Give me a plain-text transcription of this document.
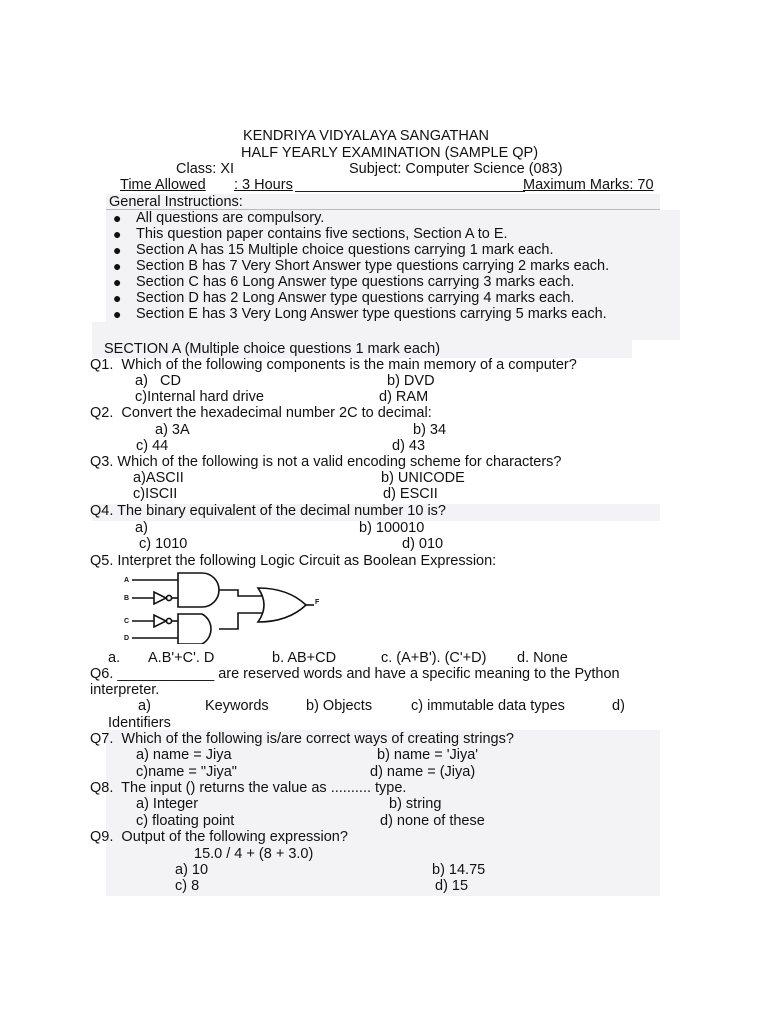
KENDRIYA VIDYALAYA SANGATHAN
HALF YEARLY EXAMINATION (SAMPLE QP)
Class: XI	Subject: Computer Science (083)
Time Allowed : 3 Hours	Maximum Marks: 70
General Instructions:
● All questions are compulsory.
● This question paper contains five sections, Section A to E.
● Section A has 15 Multiple choice questions carrying 1 mark each.
● Section B has 7 Very Short Answer type questions carrying 2 marks each.
● Section C has 6 Long Answer type questions carrying 3 marks each.
● Section D has 2 Long Answer type questions carrying 4 marks each.
● Section E has 3 Very Long Answer type questions carrying 5 marks each.
SECTION A (Multiple choice questions 1 mark each)
Q1.  Which of the following components is the main memory of a computer?
a)   CD	b) DVD
c)Internal hard drive	d) RAM
Q2.  Convert the hexadecimal number 2C to decimal:
a) 3A	b) 34
c) 44	d) 43
Q3. Which of the following is not a valid encoding scheme for characters?
a)ASCII	b) UNICODE
c)ISCII	d) ESCII
Q4. The binary equivalent of the decimal number 10 is?
a)	b) 100010
c) 1010	d) 010
Q5. Interpret the following Logic Circuit as Boolean Expression:
A
B
C
D
F
a. A.B'+C'. D	b. AB+CD	c. (A+B'). (C'+D) d. None
Q6. ____________ are reserved words and have a specific meaning to the Python
interpreter.
a)	Keywords	b) Objects	c) immutable data types	d)
Identifiers
Q7.  Which of the following is/are correct ways of creating strings?
a) name = Jiya	b) name = 'Jiya'
c)name = "Jiya"	d) name = (Jiya)
Q8.  The input () returns the value as .......... type.
a) Integer	b) string
c) floating point	d) none of these
Q9.  Output of the following expression?
15.0 / 4 + (8 + 3.0)
a) 10	b) 14.75
c) 8	d) 15
